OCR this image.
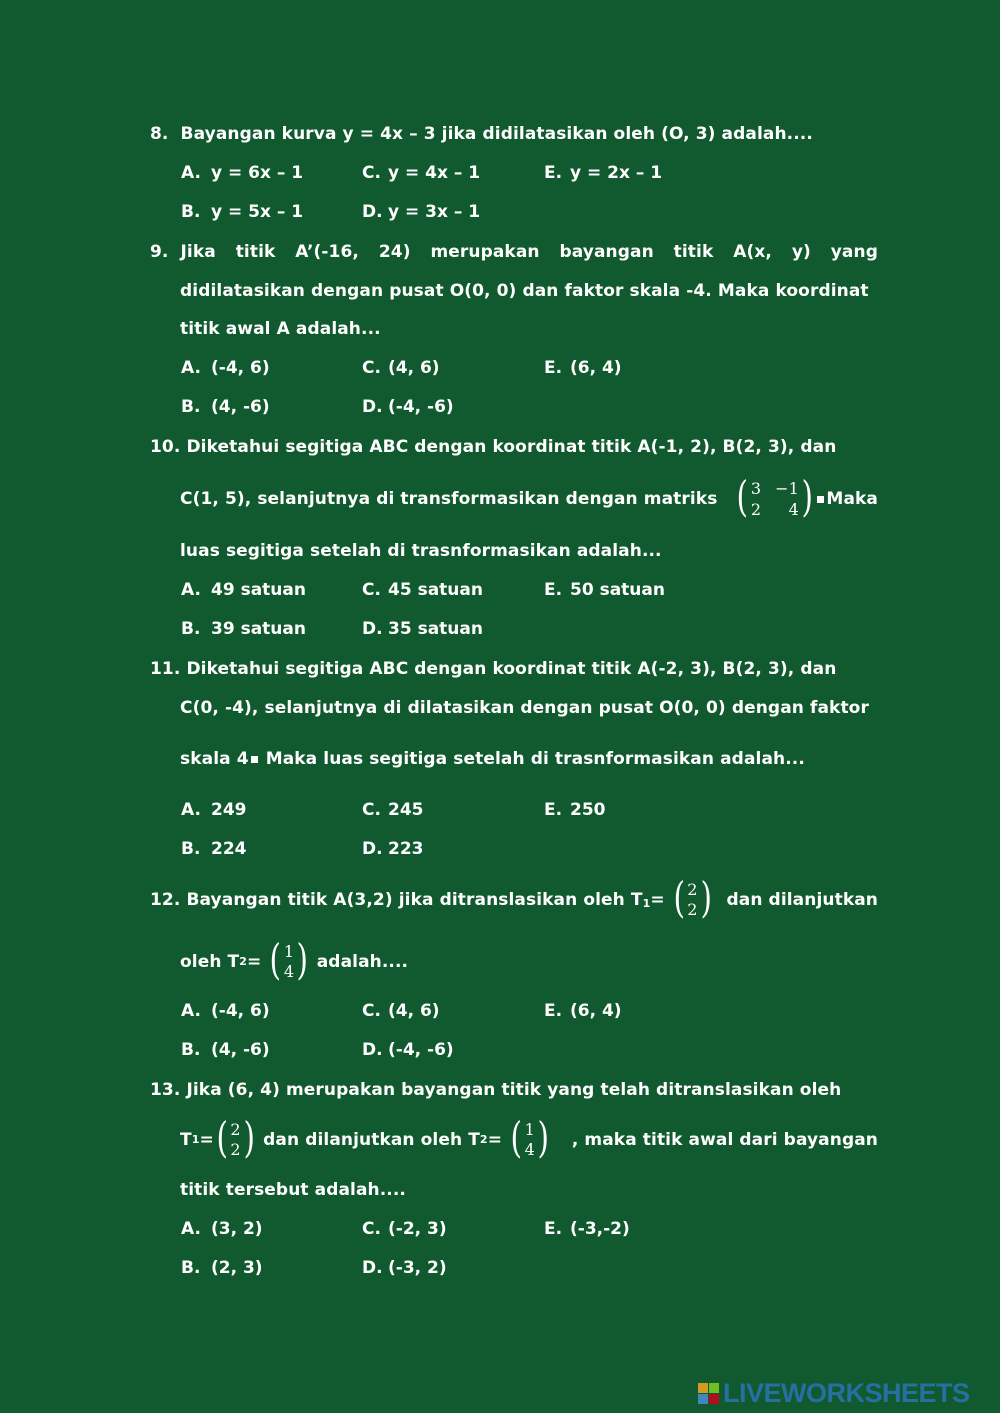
8. Bayangan kurva y = 4x – 3 jika didilatasikan oleh (O, 3) adalah....
A. y = 6x – 1	C. y = 4x – 1	E. y = 2x – 1
B. y = 5x – 1	D. y = 3x – 1
9. Jika titik A’(-16, 24) merupakan bayangan titik A(x, y) yang
didilatasikan dengan pusat O(0, 0) dan faktor skala -4. Maka koordinat
titik awal A adalah...
A. (-4, 6)	C. (4, 6)	E. (6, 4)
B. (4, -6)	D. (-4, -6)
10. Diketahui segitiga ABC dengan koordinat titik A(-1, 2), B(2, 3), dan
C(1, 5), selanjutnya di transformasikan dengan matriks ( 3 −1
2	4 ) Maka
luas segitiga setelah di trasnformasikan adalah...
A. 49 satuan	C. 45 satuan	E. 50 satuan
B. 39 satuan	D. 35 satuan
11. Diketahui segitiga ABC dengan koordinat titik A(-2, 3), B(2, 3), dan
C(0, -4), selanjutnya di dilatasikan dengan pusat O(0, 0) dengan faktor
skala 4 Maka luas segitiga setelah di trasnformasikan adalah...
A. 249	C. 245	E. 250
B. 224	D. 223
12. Bayangan titik A(3,2) jika ditranslasikan oleh T1= ( 2
2 ) dan dilanjutkan
oleh T 2 =
( 1
4 )
adalah....
A. (-4, 6)	C. (4, 6)	E. (6, 4)
B. (4, -6)	D. (-4, -6)
13. Jika (6, 4) merupakan bayangan titik yang telah ditranslasikan oleh
T 1 = ( 2
2 )
dan dilanjutkan oleh T 2 =
( 1
4 ) , maka titik awal dari bayangan
titik tersebut adalah....
A. (3, 2)	C. (-2, 3)	E. (-3,-2)
B. (2, 3)	D. (-3, 2)
LIVEWORKSHEETS
